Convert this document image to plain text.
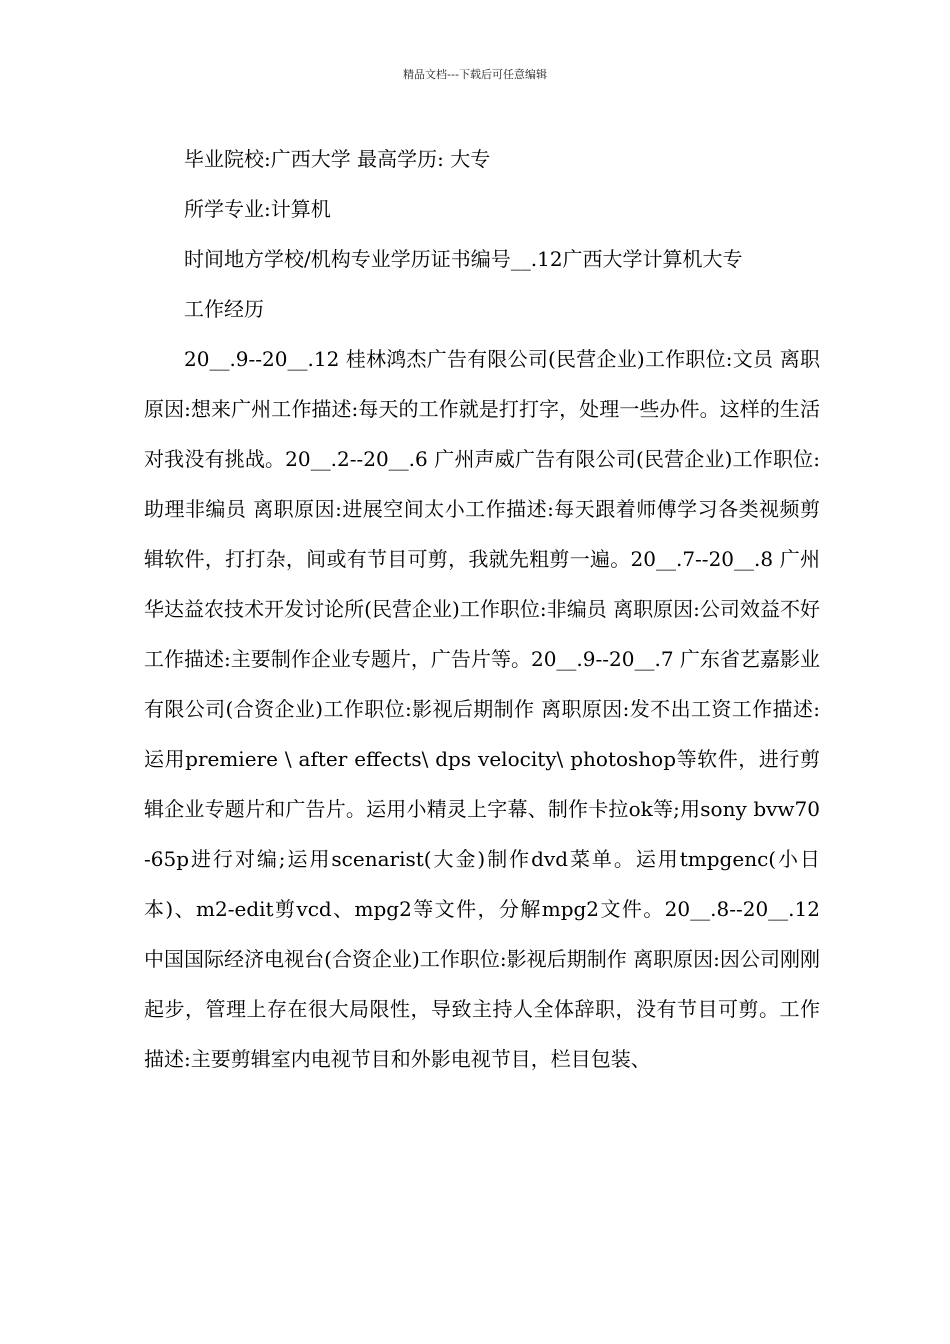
精品文档---下载后可任意编辑

毕业院校:广西大学 最高学历: 大专

所学专业:计算机

时间地方学校/机构专业学历证书编号__.12广西大学计算机大专

工作经历

20__.9--20__.12 桂林鸿杰广告有限公司(民营企业)工作职位:文员 离职原因:想来广州工作描述:每天的工作就是打打字，处理一些办件。这样的生活对我没有挑战。20__.2--20__.6 广州声威广告有限公司(民营企业)工作职位:助理非编员 离职原因:进展空间太小工作描述:每天跟着师傅学习各类视频剪辑软件，打打杂，间或有节目可剪，我就先粗剪一遍。20__.7--20__.8 广州华达益农技术开发讨论所(民营企业)工作职位:非编员 离职原因:公司效益不好工作描述:主要制作企业专题片，广告片等。20__.9--20__.7 广东省艺嘉影业有限公司(合资企业)工作职位:影视后期制作 离职原因:发不出工资工作描述:运用premiere \ after effects\ dps velocity\ photoshop等软件，进行剪辑企业专题片和广告片。运用小精灵上字幕、制作卡拉ok等;用sony bvw70-65p进行对编;运用scenarist(大金)制作dvd菜单。运用tmpgenc(小日本)、m2-edit剪vcd、mpg2等文件，分解mpg2文件。20__.8--20__.12 中国国际经济电视台(合资企业)工作职位:影视后期制作 离职原因:因公司刚刚起步，管理上存在很大局限性，导致主持人全体辞职，没有节目可剪。工作描述:主要剪辑室内电视节目和外影电视节目，栏目包装、
